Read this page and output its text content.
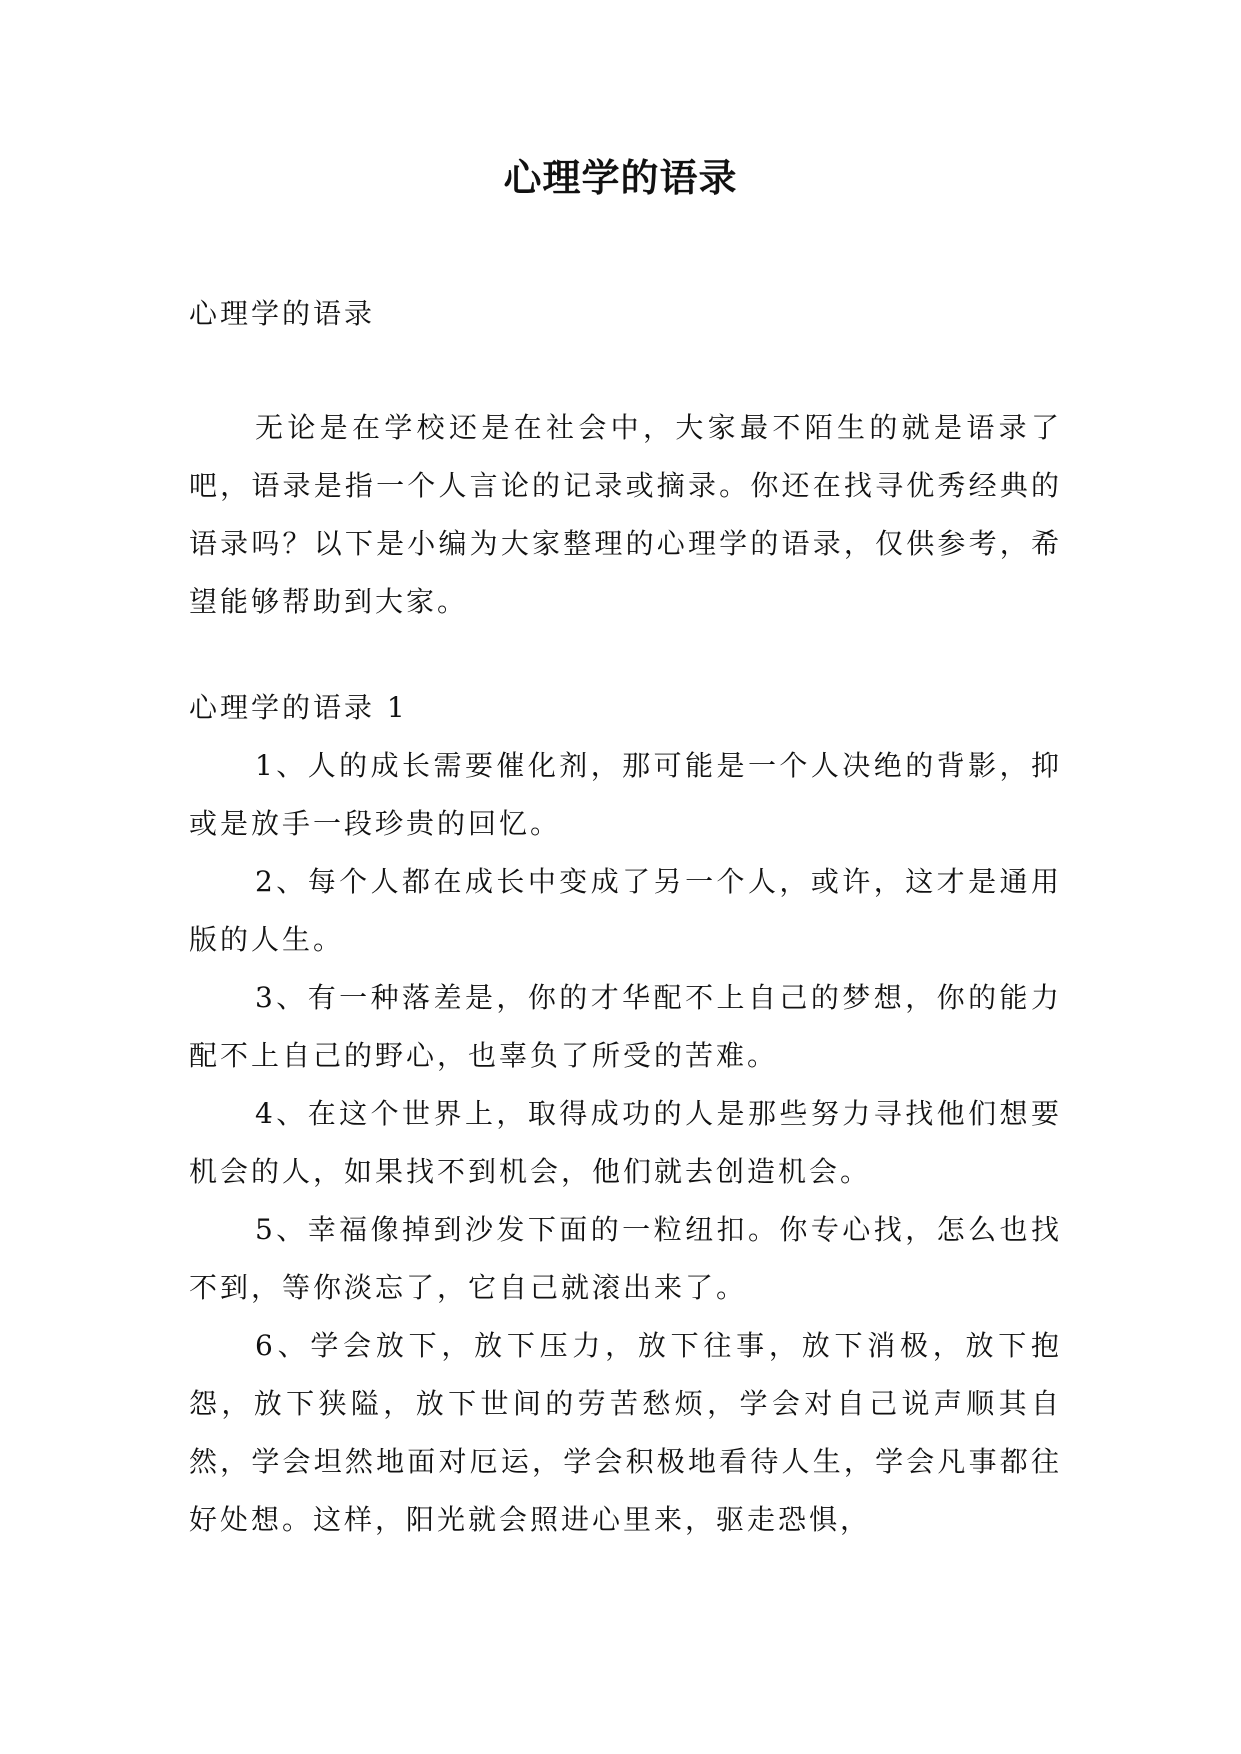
心理学的语录

心理学的语录

无论是在学校还是在社会中，大家最不陌生的就是语录了吧，语录是指一个人言论的记录或摘录。你还在找寻优秀经典的语录吗？以下是小编为大家整理的心理学的语录，仅供参考，希望能够帮助到大家。

心理学的语录 1

1、人的成长需要催化剂，那可能是一个人决绝的背影，抑或是放手一段珍贵的回忆。
2、每个人都在成长中变成了另一个人，或许，这才是通用版的人生。
3、有一种落差是，你的才华配不上自己的梦想，你的能力配不上自己的野心，也辜负了所受的苦难。
4、在这个世界上，取得成功的人是那些努力寻找他们想要机会的人，如果找不到机会，他们就去创造机会。
5、幸福像掉到沙发下面的一粒纽扣。你专心找，怎么也找不到，等你淡忘了，它自己就滚出来了。
6、学会放下，放下压力，放下往事，放下消极，放下抱怨，放下狭隘，放下世间的劳苦愁烦，学会对自己说声顺其自然，学会坦然地面对厄运，学会积极地看待人生，学会凡事都往好处想。这样，阳光就会照进心里来，驱走恐惧，
